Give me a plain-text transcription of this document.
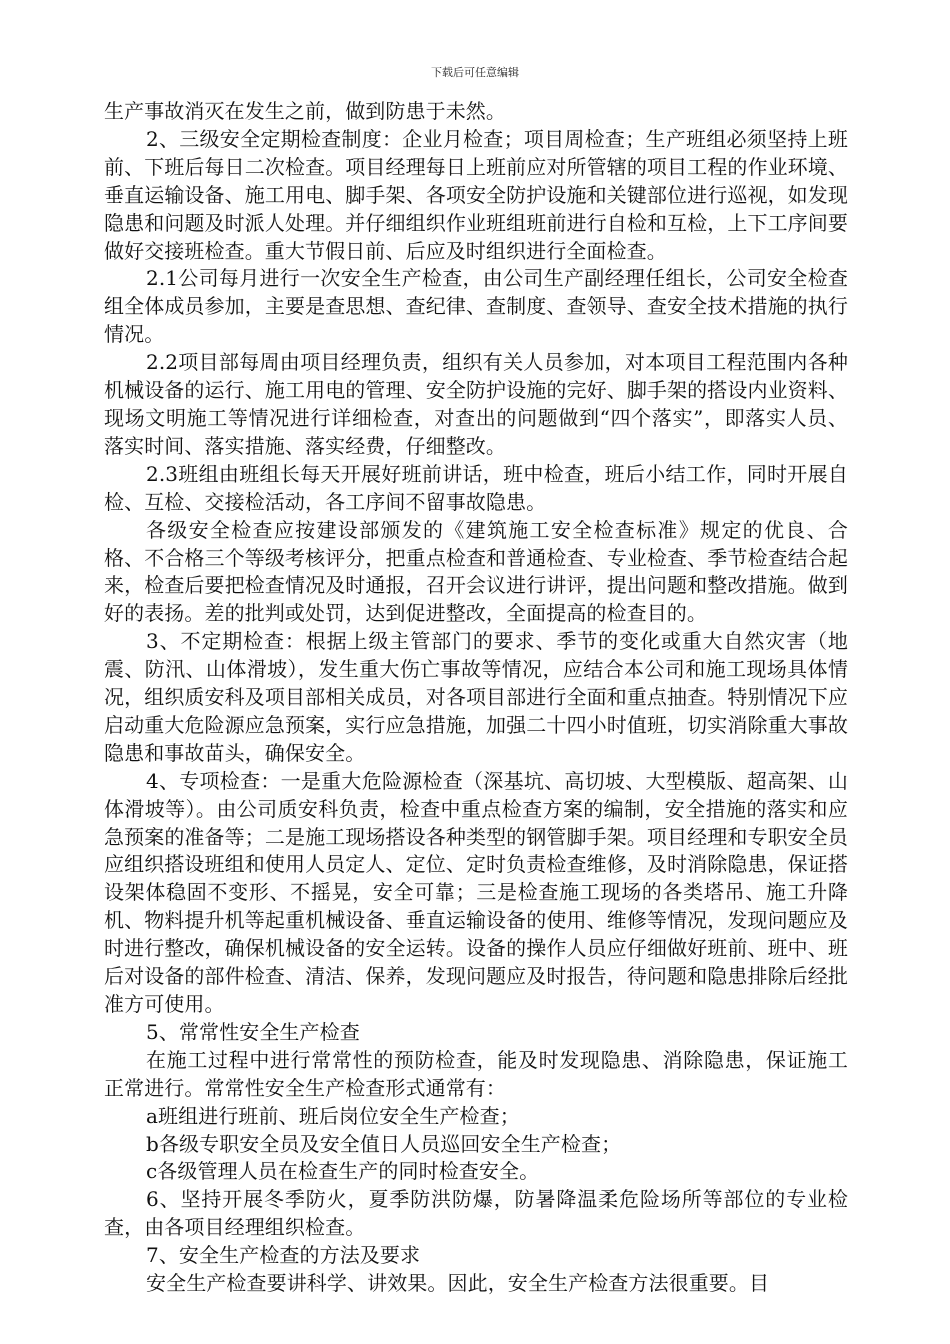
下载后可任意编辑

生产事故消灭在发生之前，做到防患于未然。

2、三级安全定期检查制度：企业月检查；项目周检查；生产班组必须坚持上班前、下班后每日二次检查。项目经理每日上班前应对所管辖的项目工程的作业环境、垂直运输设备、施工用电、脚手架、各项安全防护设施和关键部位进行巡视，如发现隐患和问题及时派人处理。并仔细组织作业班组班前进行自检和互检，上下工序间要做好交接班检查。重大节假日前、后应及时组织进行全面检查。

2.1公司每月进行一次安全生产检查，由公司生产副经理任组长，公司安全检查组全体成员参加，主要是查思想、查纪律、查制度、查领导、查安全技术措施的执行情况。

2.2项目部每周由项目经理负责，组织有关人员参加，对本项目工程范围内各种机械设备的运行、施工用电的管理、安全防护设施的完好、脚手架的搭设内业资料、现场文明施工等情况进行详细检查，对查出的问题做到“四个落实”，即落实人员、落实时间、落实措施、落实经费，仔细整改。

2.3班组由班组长每天开展好班前讲话，班中检查，班后小结工作，同时开展自检、互检、交接检活动，各工序间不留事故隐患。

各级安全检查应按建设部颁发的《建筑施工安全检查标准》规定的优良、合格、不合格三个等级考核评分，把重点检查和普通检查、专业检查、季节检查结合起来，检查后要把检查情况及时通报，召开会议进行讲评，提出问题和整改措施。做到好的表扬。差的批判或处罚，达到促进整改，全面提高的检查目的。

3、不定期检查：根据上级主管部门的要求、季节的变化或重大自然灾害（地震、防汛、山体滑坡），发生重大伤亡事故等情况，应结合本公司和施工现场具体情况，组织质安科及项目部相关成员，对各项目部进行全面和重点抽查。特别情况下应启动重大危险源应急预案，实行应急措施，加强二十四小时值班，切实消除重大事故隐患和事故苗头，确保安全。

4、专项检查：一是重大危险源检查（深基坑、高切坡、大型模版、超高架、山体滑坡等）。由公司质安科负责，检查中重点检查方案的编制，安全措施的落实和应急预案的准备等；二是施工现场搭设各种类型的钢管脚手架。项目经理和专职安全员应组织搭设班组和使用人员定人、定位、定时负责检查维修，及时消除隐患，保证搭设架体稳固不变形、不摇晃，安全可靠；三是检查施工现场的各类塔吊、施工升降机、物料提升机等起重机械设备、垂直运输设备的使用、维修等情况，发现问题应及时进行整改，确保机械设备的安全运转。设备的操作人员应仔细做好班前、班中、班后对设备的部件检查、清洁、保养，发现问题应及时报告，待问题和隐患排除后经批准方可使用。

5、常常性安全生产检查

在施工过程中进行常常性的预防检查，能及时发现隐患、消除隐患，保证施工正常进行。常常性安全生产检查形式通常有：

a班组进行班前、班后岗位安全生产检查；

b各级专职安全员及安全值日人员巡回安全生产检查；

c各级管理人员在检查生产的同时检查安全。

6、坚持开展冬季防火，夏季防洪防爆，防暑降温柔危险场所等部位的专业检查，由各项目经理组织检查。

7、安全生产检查的方法及要求

安全生产检查要讲科学、讲效果。因此，安全生产检查方法很重要。目
